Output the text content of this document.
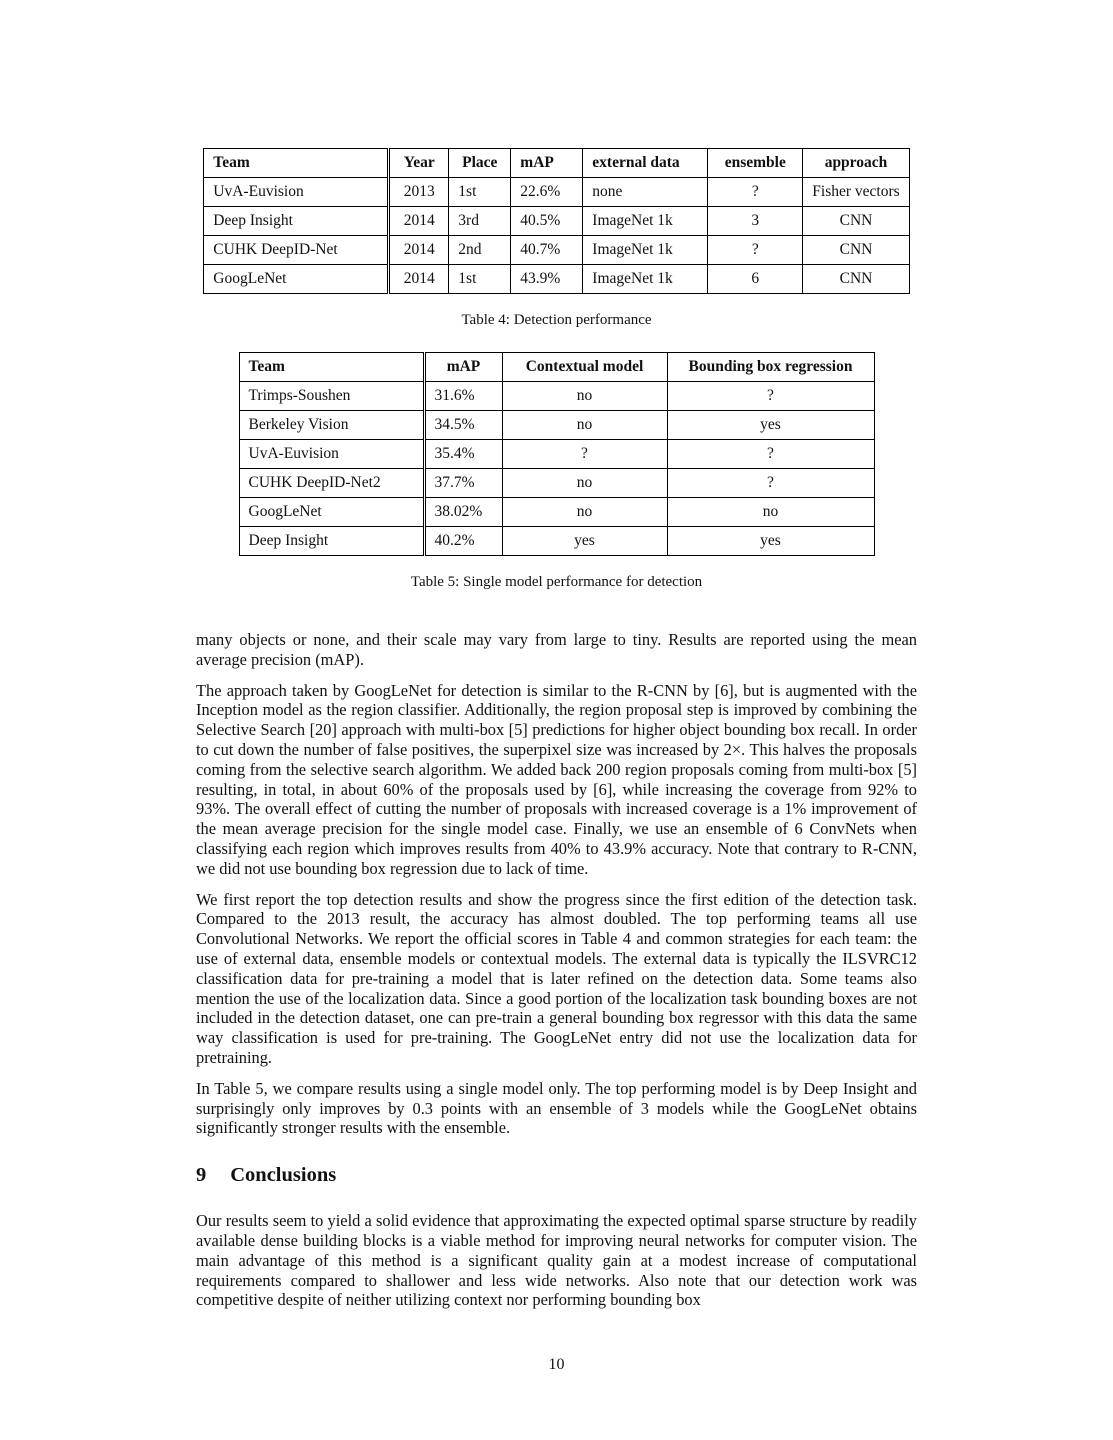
Team	Year	Place	mAP	external data	ensemble	approach
UvA-Euvision	2013	1st	22.6%	none	?	Fisher vectors
Deep Insight	2014	3rd	40.5%	ImageNet 1k	3	CNN
CUHK DeepID-Net	2014	2nd	40.7%	ImageNet 1k	?	CNN
GoogLeNet	2014	1st	43.9%	ImageNet 1k	6	CNN
Table 4: Detection performance
Team	mAP	Contextual model	Bounding box regression
Trimps-Soushen	31.6%	no	?
Berkeley Vision	34.5%	no	yes
UvA-Euvision	35.4%	?	?
CUHK DeepID-Net2	37.7%	no	?
GoogLeNet	38.02%	no	no
Deep Insight	40.2%	yes	yes
Table 5: Single model performance for detection

many objects or none, and their scale may vary from large to tiny. Results are reported using the mean average precision (mAP).

The approach taken by GoogLeNet for detection is similar to the R-CNN by [6], but is augmented with the Inception model as the region classifier. Additionally, the region proposal step is improved by combining the Selective Search [20] approach with multi-box [5] predictions for higher object bounding box recall. In order to cut down the number of false positives, the superpixel size was increased by 2×. This halves the proposals coming from the selective search algorithm. We added back 200 region proposals coming from multi-box [5] resulting, in total, in about 60% of the proposals used by [6], while increasing the coverage from 92% to 93%. The overall effect of cutting the number of proposals with increased coverage is a 1% improvement of the mean average precision for the single model case. Finally, we use an ensemble of 6 ConvNets when classifying each region which improves results from 40% to 43.9% accuracy. Note that contrary to R-CNN, we did not use bounding box regression due to lack of time.

We first report the top detection results and show the progress since the first edition of the detection task. Compared to the 2013 result, the accuracy has almost doubled. The top performing teams all use Convolutional Networks. We report the official scores in Table 4 and common strategies for each team: the use of external data, ensemble models or contextual models. The external data is typically the ILSVRC12 classification data for pre-training a model that is later refined on the detection data. Some teams also mention the use of the localization data. Since a good portion of the localization task bounding boxes are not included in the detection dataset, one can pre-train a general bounding box regressor with this data the same way classification is used for pre-training. The GoogLeNet entry did not use the localization data for pretraining.

In Table 5, we compare results using a single model only. The top performing model is by Deep Insight and surprisingly only improves by 0.3 points with an ensemble of 3 models while the GoogLeNet obtains significantly stronger results with the ensemble.

9 Conclusions

Our results seem to yield a solid evidence that approximating the expected optimal sparse structure by readily available dense building blocks is a viable method for improving neural networks for computer vision. The main advantage of this method is a significant quality gain at a modest increase of computational requirements compared to shallower and less wide networks. Also note that our detection work was competitive despite of neither utilizing context nor performing bounding box

10
